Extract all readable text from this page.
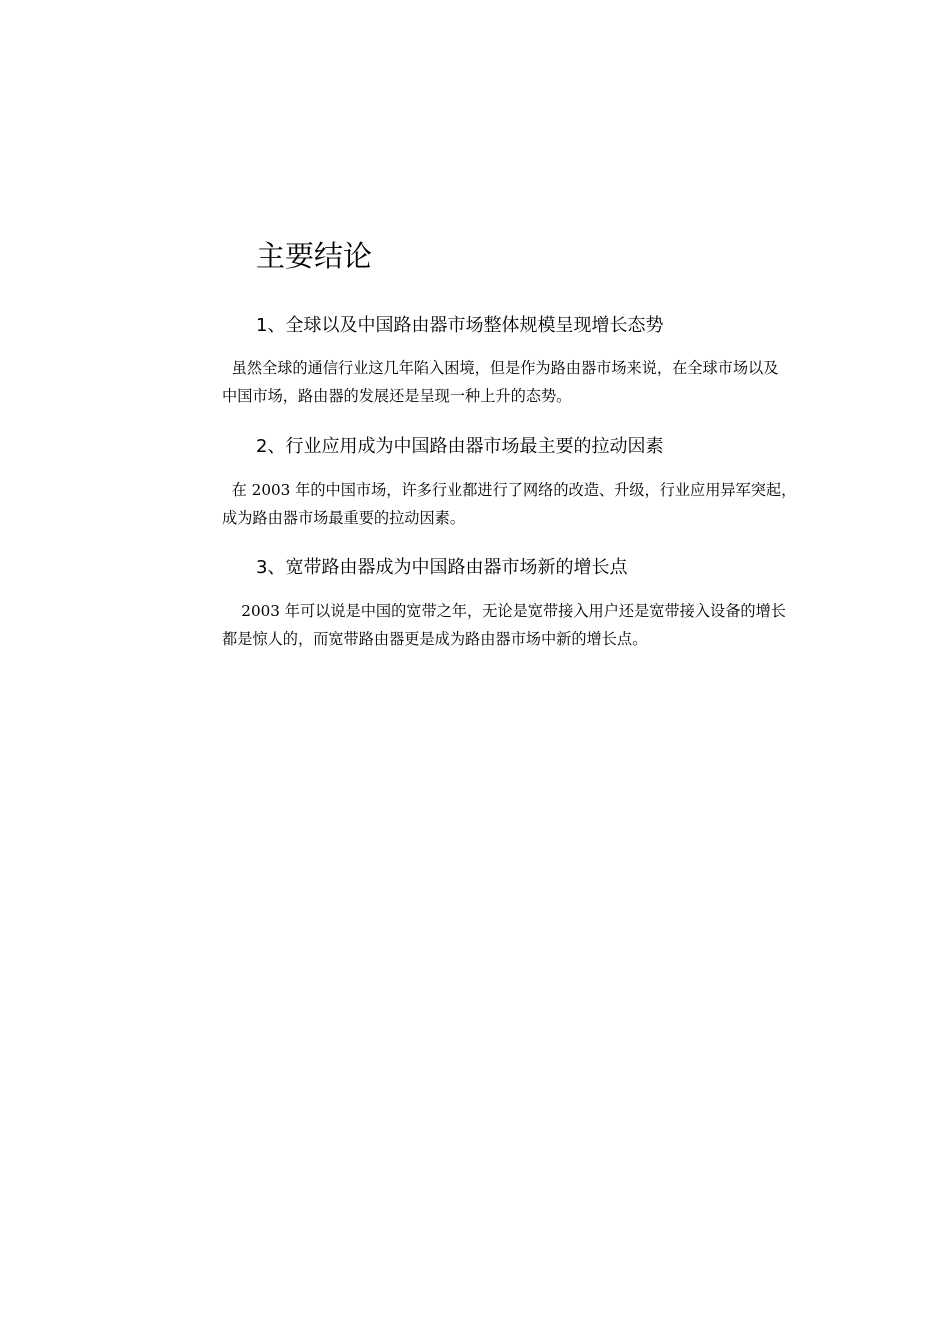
主要结论
1、全球以及中国路由器市场整体规模呈现增长态势

虽然全球的通信行业这几年陷入困境，但是作为路由器市场来说，在全球市场以及
中国市场，路由器的发展还是呈现一种上升的态势。

2、行业应用成为中国路由器市场最主要的拉动因素

在 2003 年的中国市场，许多行业都进行了网络的改造、升级，行业应用异军突起，
成为路由器市场最重要的拉动因素。

3、宽带路由器成为中国路由器市场新的增长点

2003 年可以说是中国的宽带之年，无论是宽带接入用户还是宽带接入设备的增长
都是惊人的，而宽带路由器更是成为路由器市场中新的增长点。
